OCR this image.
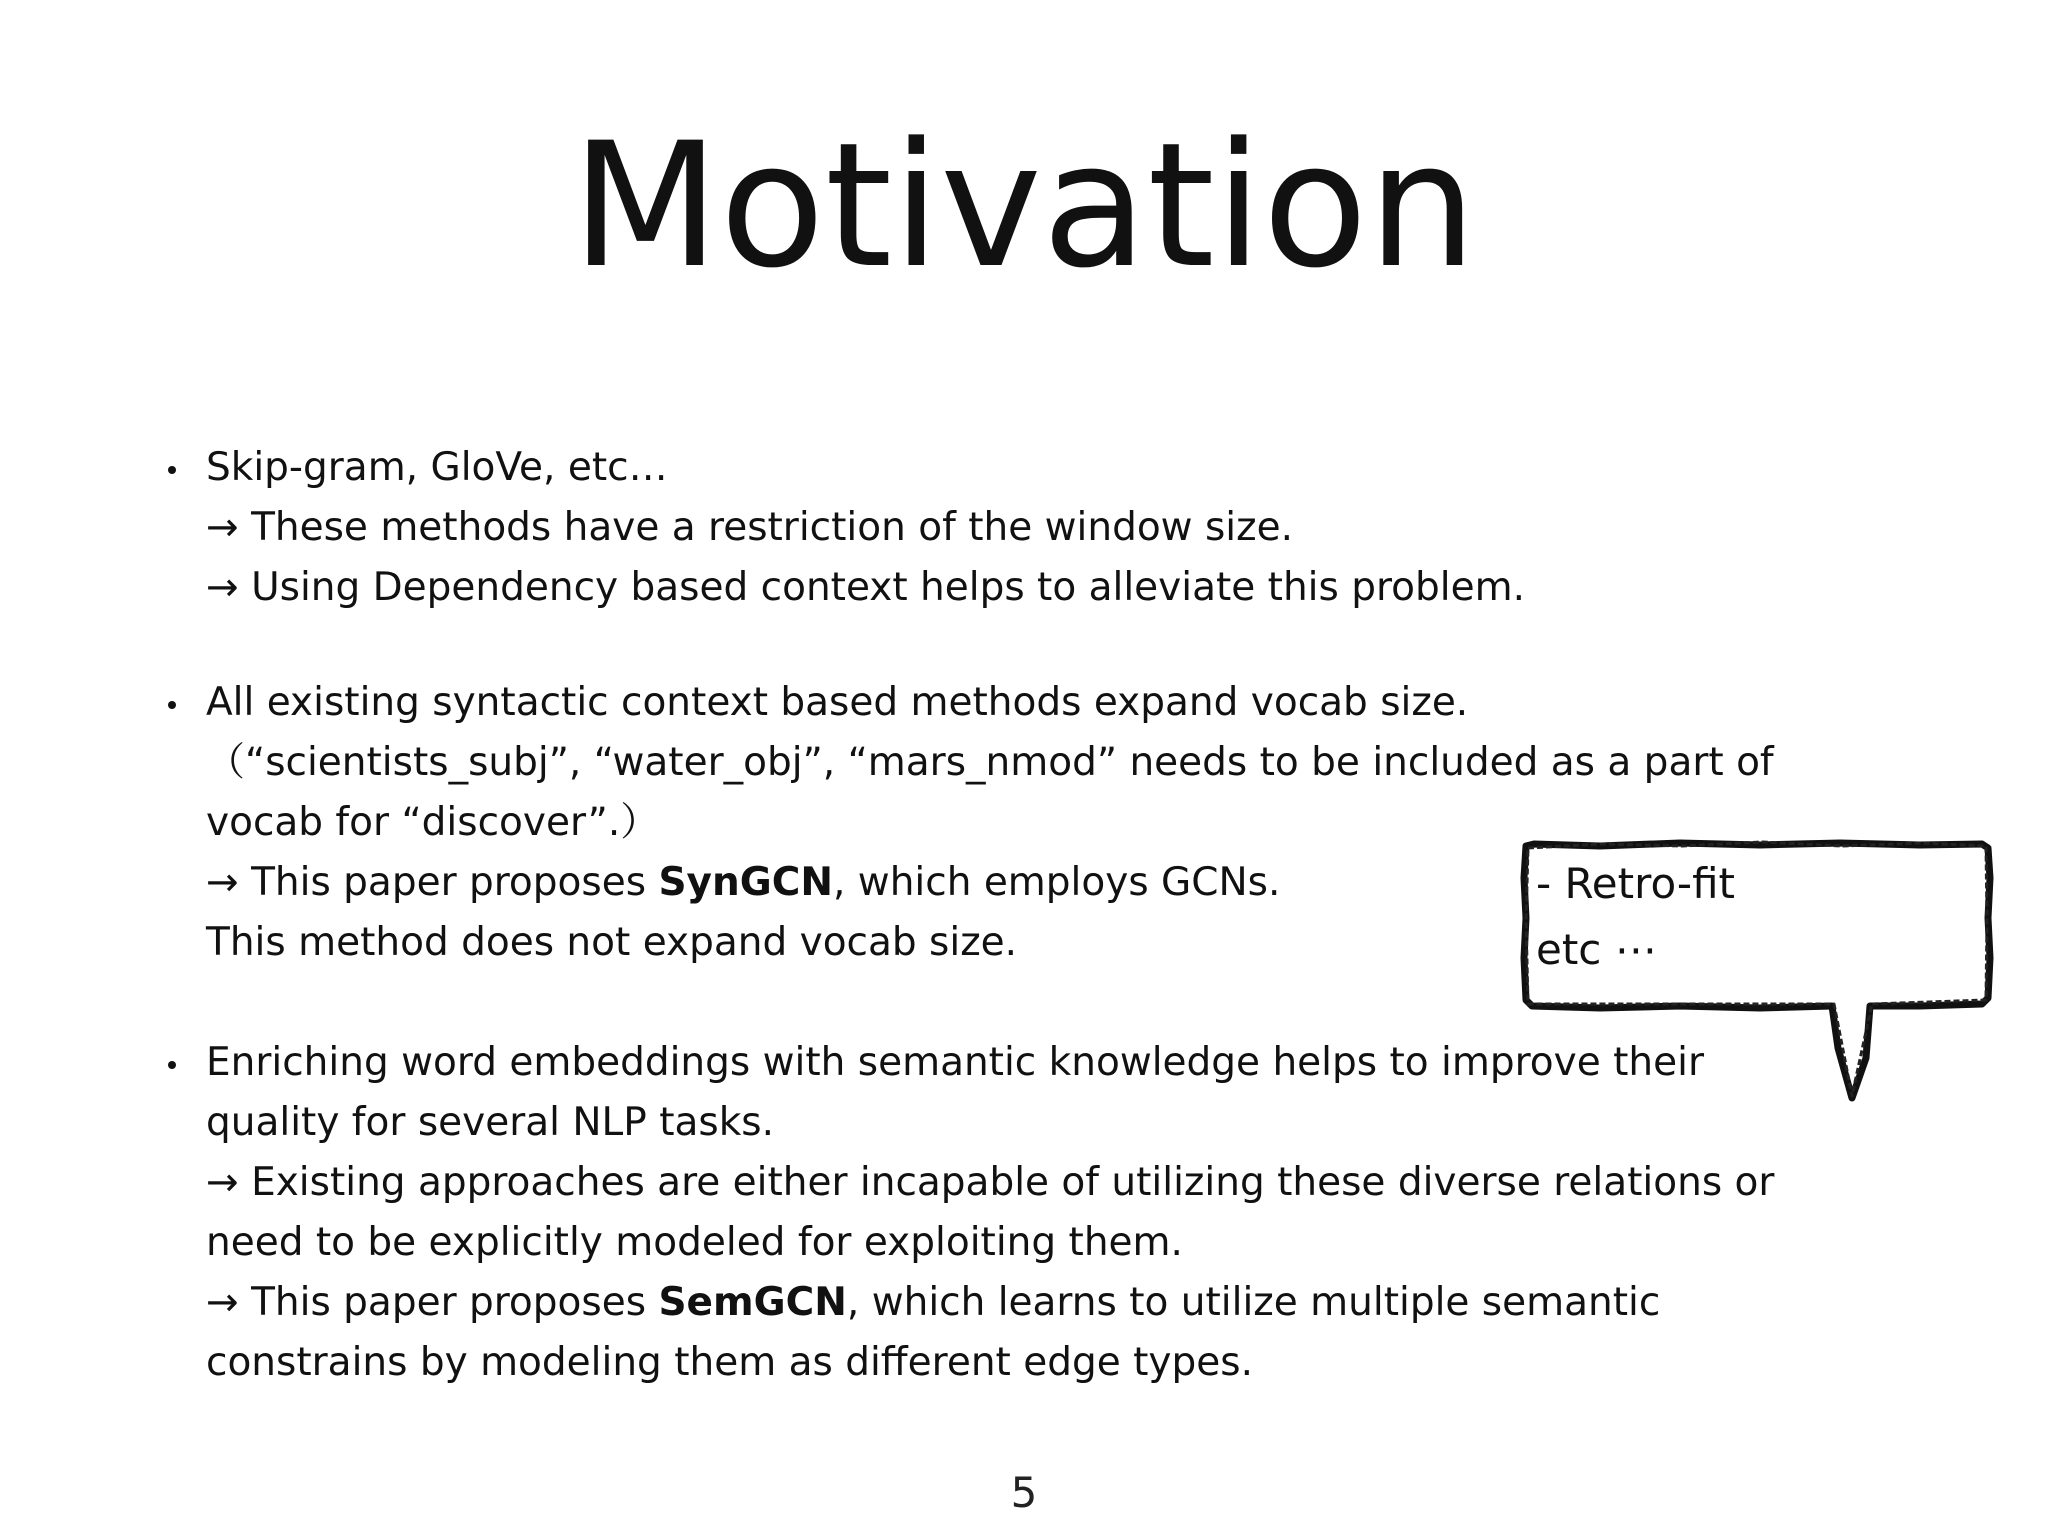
Motivation
Skip-gram, GloVe, etc…
→ These methods have a restriction of the window size.
→ Using Dependency based context helps to alleviate this problem.
All existing syntactic context based methods expand vocab size.
（“scientists_subj”, “water_obj”, “mars_nmod” needs to be included as a part of
vocab for “discover”.）
→ This paper proposes SynGCN, which employs GCNs.
This method does not expand vocab size.
Enriching word embeddings with semantic knowledge helps to improve their
quality for several NLP tasks.
→ Existing approaches are either incapable of utilizing these diverse relations or
need to be explicitly modeled for exploiting them.
→ This paper proposes SemGCN, which learns to utilize multiple semantic
constrains by modeling them as different edge types.
- Retro-fit
etc ⋯
5
